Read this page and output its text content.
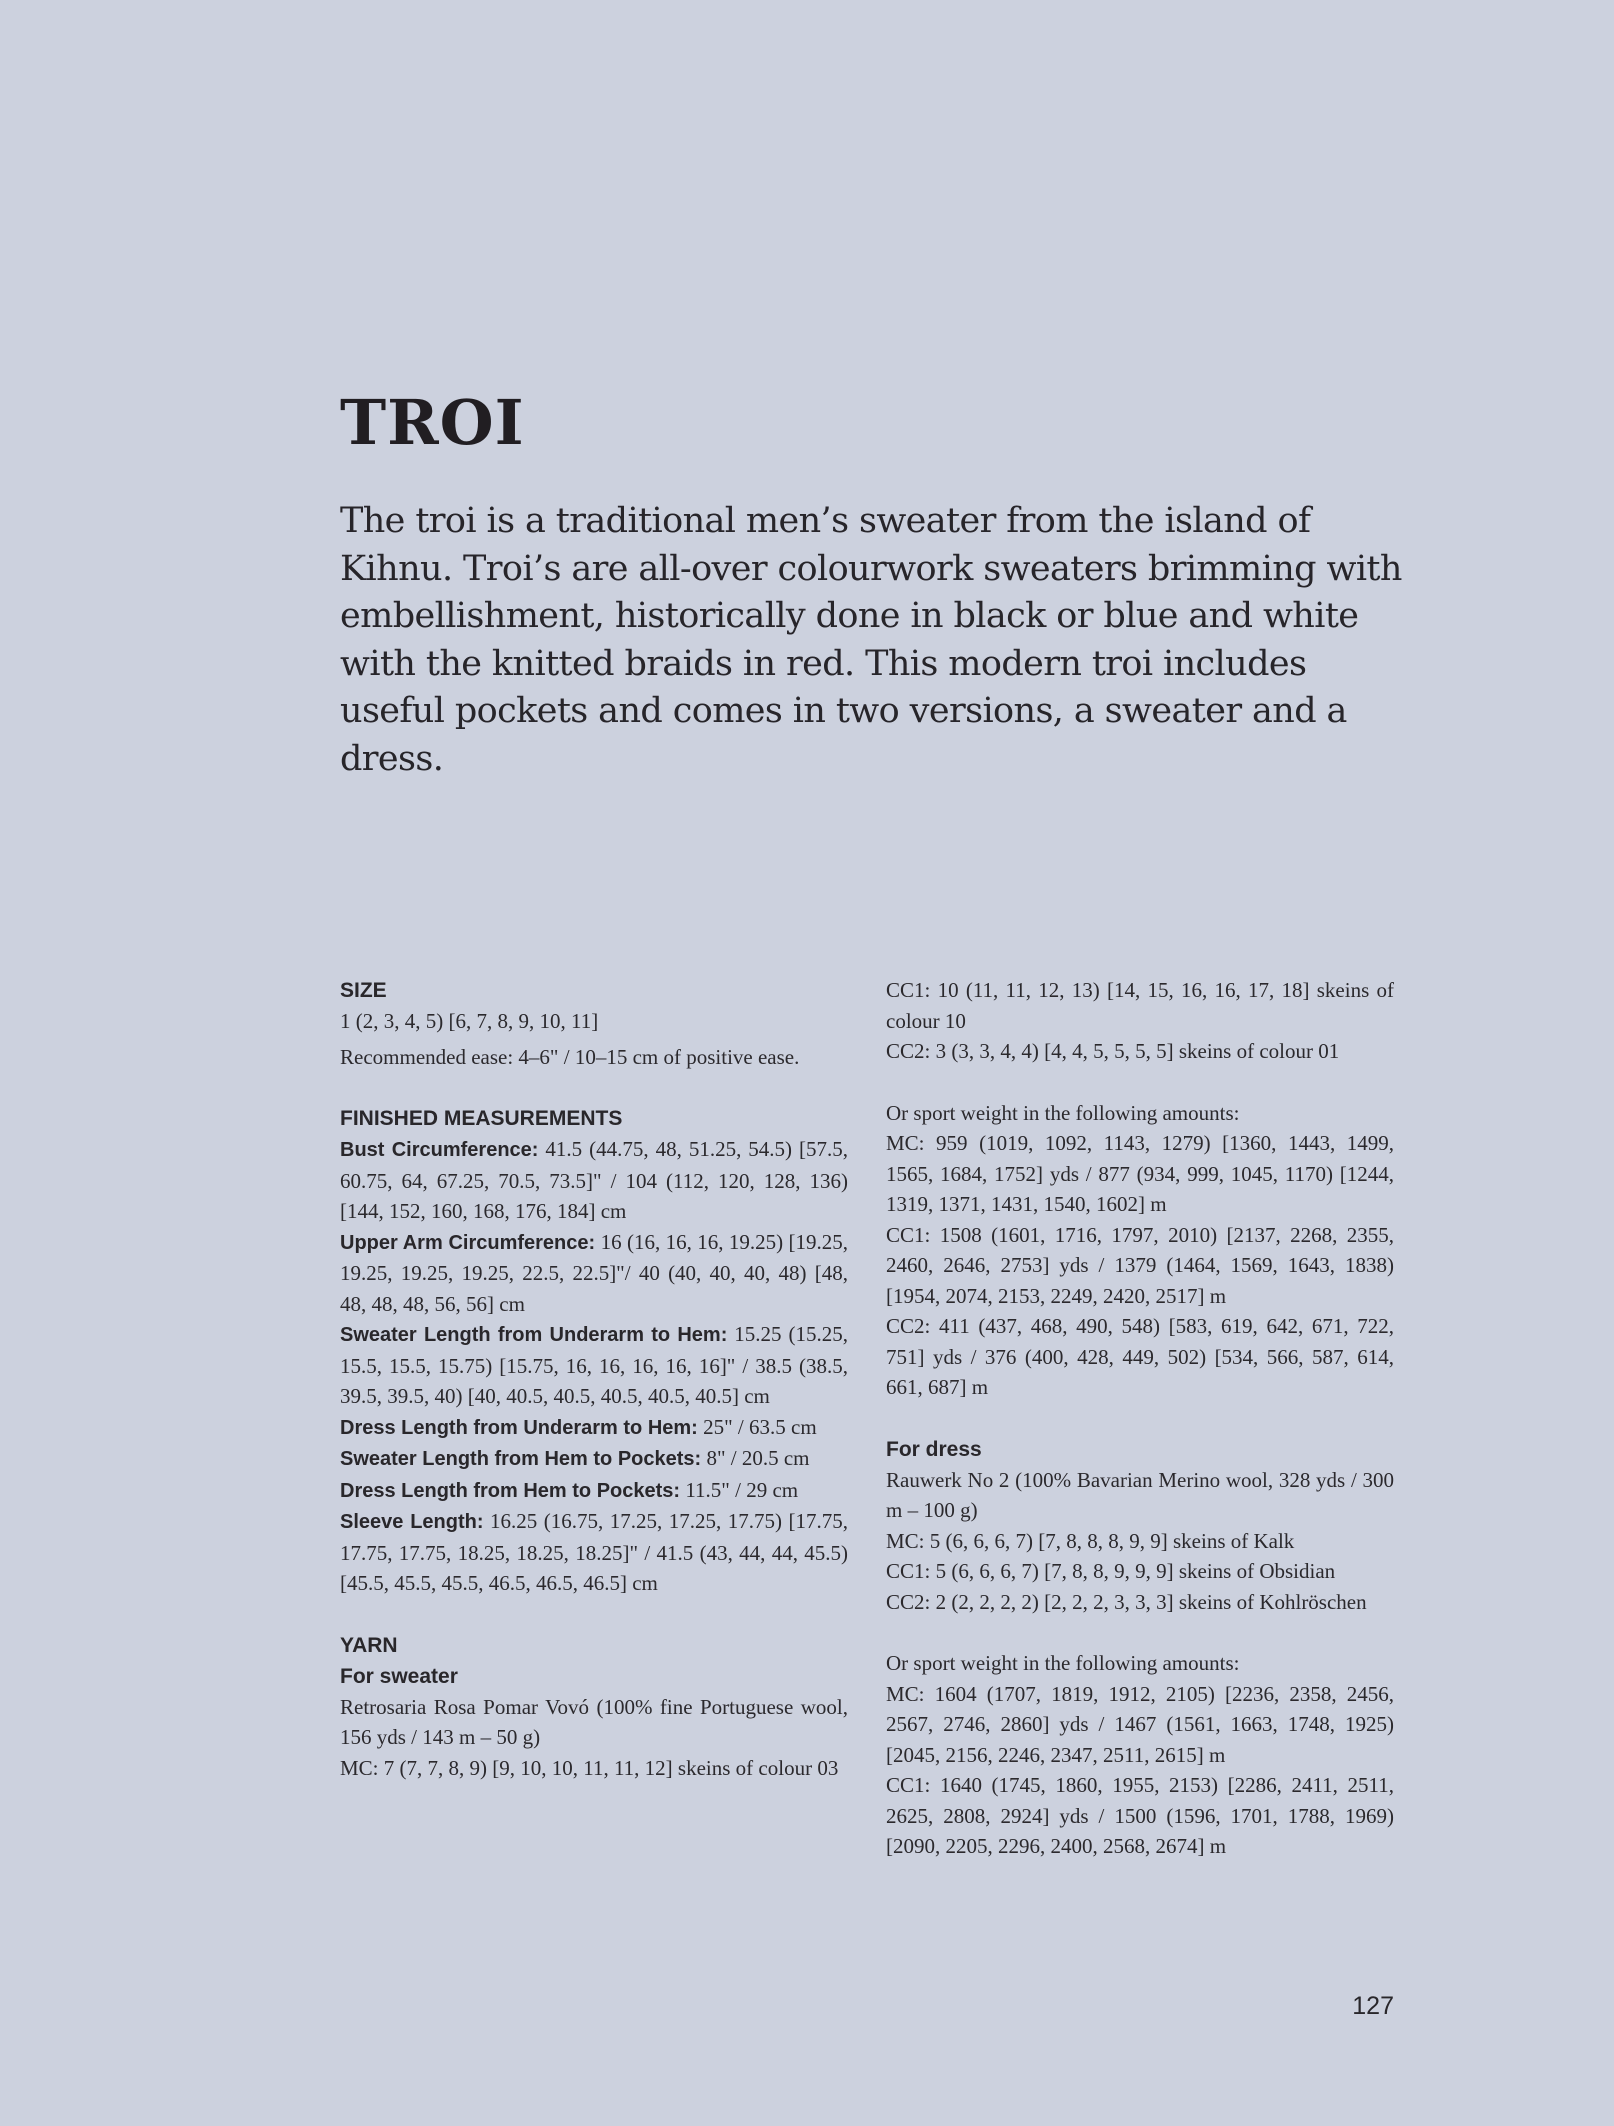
TROI

The troi is a traditional men’s sweater from the island of Kihnu. Troi’s are all-over colourwork sweaters brimming with embellishment, historically done in black or blue and white with the knitted braids in red. This modern troi includes useful pockets and comes in two versions, a sweater and a dress.

SIZE

1 (2, 3, 4, 5) [6, 7, 8, 9, 10, 11]

Recommended ease: 4–6" / 10–15 cm of positive ease.

FINISHED MEASUREMENTS

Bust Circumference: 41.5 (44.75, 48, 51.25, 54.5) [57.5, 60.75, 64, 67.25, 70.5, 73.5]" / 104 (112, 120, 128, 136) [144, 152, 160, 168, 176, 184] cm

Upper Arm Circumference: 16 (16, 16, 16, 19.25) [19.25, 19.25, 19.25, 19.25, 22.5, 22.5]"/ 40 (40, 40, 40, 48) [48, 48, 48, 48, 56, 56] cm

Sweater Length from Underarm to Hem: 15.25 (15.25, 15.5, 15.5, 15.75) [15.75, 16, 16, 16, 16, 16]" / 38.5 (38.5, 39.5, 39.5, 40) [40, 40.5, 40.5, 40.5, 40.5, 40.5] cm

Dress Length from Underarm to Hem: 25" / 63.5 cm

Sweater Length from Hem to Pockets: 8" / 20.5 cm

Dress Length from Hem to Pockets: 11.5" / 29 cm

Sleeve Length: 16.25 (16.75, 17.25, 17.25, 17.75) [17.75, 17.75, 17.75, 18.25, 18.25, 18.25]" / 41.5 (43, 44, 44, 45.5) [45.5, 45.5, 45.5, 46.5, 46.5, 46.5] cm

YARN
For sweater

Retrosaria Rosa Pomar Vovó (100% fine Portuguese wool, 156 yds / 143 m – 50 g)

MC: 7 (7, 7, 8, 9) [9, 10, 10, 11, 11, 12] skeins of colour 03

CC1: 10 (11, 11, 12, 13) [14, 15, 16, 16, 17, 18] skeins of colour 10

CC2: 3 (3, 3, 4, 4) [4, 4, 5, 5, 5, 5] skeins of colour 01

Or sport weight in the following amounts:

MC: 959 (1019, 1092, 1143, 1279) [1360, 1443, 1499, 1565, 1684, 1752] yds / 877 (934, 999, 1045, 1170) [1244, 1319, 1371, 1431, 1540, 1602] m

CC1: 1508 (1601, 1716, 1797, 2010) [2137, 2268, 2355, 2460, 2646, 2753] yds / 1379 (1464, 1569, 1643, 1838) [1954, 2074, 2153, 2249, 2420, 2517] m

CC2: 411 (437, 468, 490, 548) [583, 619, 642, 671, 722, 751] yds / 376 (400, 428, 449, 502) [534, 566, 587, 614, 661, 687] m

For dress

Rauwerk No 2 (100% Bavarian Merino wool, 328 yds / 300 m – 100 g)

MC: 5 (6, 6, 6, 7) [7, 8, 8, 8, 9, 9] skeins of Kalk

CC1: 5 (6, 6, 6, 7) [7, 8, 8, 9, 9, 9] skeins of Obsidian

CC2: 2 (2, 2, 2, 2) [2, 2, 2, 3, 3, 3] skeins of Kohlröschen

Or sport weight in the following amounts:

MC: 1604 (1707, 1819, 1912, 2105) [2236, 2358, 2456, 2567, 2746, 2860] yds / 1467 (1561, 1663, 1748, 1925) [2045, 2156, 2246, 2347, 2511, 2615] m

CC1: 1640 (1745, 1860, 1955, 2153) [2286, 2411, 2511, 2625, 2808, 2924] yds / 1500 (1596, 1701, 1788, 1969) [2090, 2205, 2296, 2400, 2568, 2674] m

127
